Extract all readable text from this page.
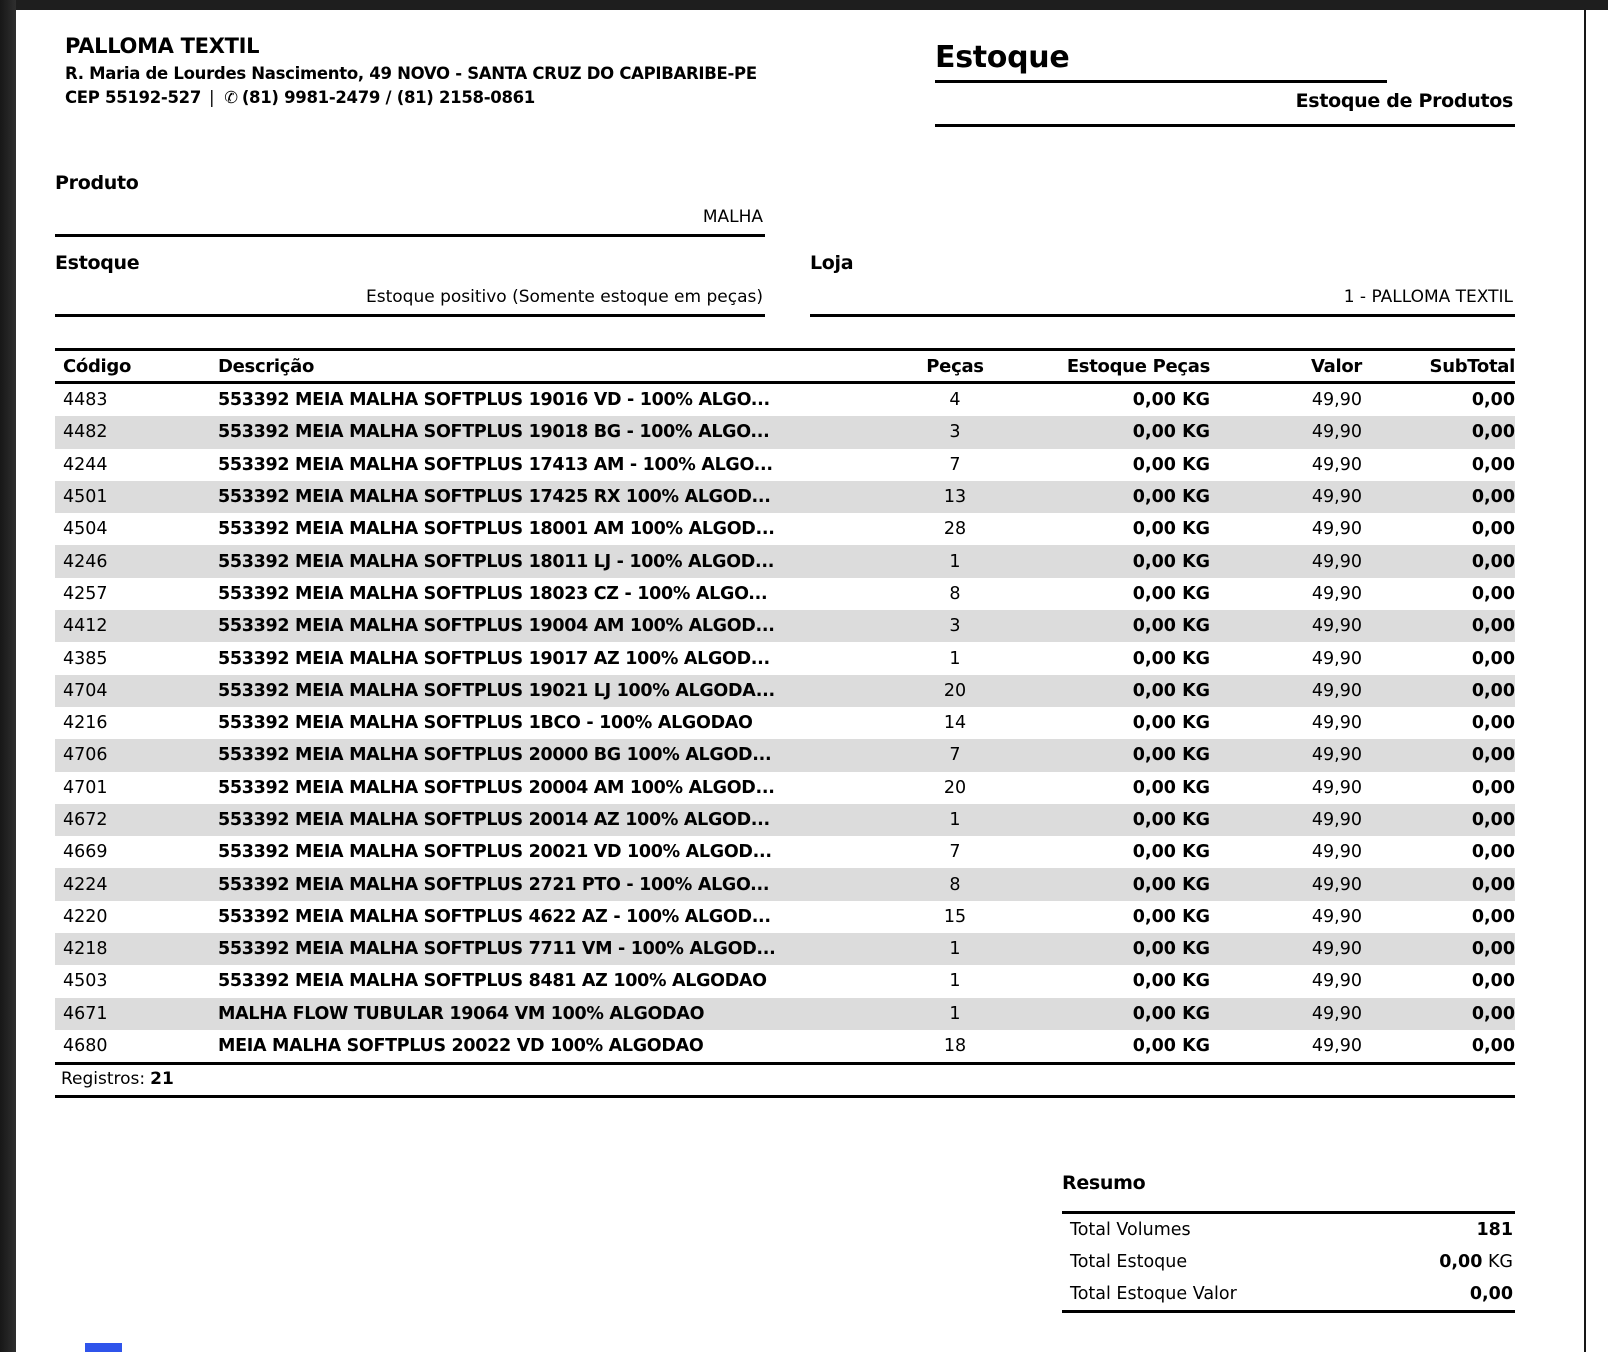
PALLOMA TEXTIL
R. Maria de Lourdes Nascimento, 49 NOVO - SANTA CRUZ DO CAPIBARIBE-PE
CEP 55192-527 | ✆ (81) 9981-2479 / (81) 2158-0861
Estoque
Estoque de Produtos
Produto
MALHA
Estoque
Estoque positivo (Somente estoque em peças)
Loja
1 - PALLOMA TEXTIL
Código	Descrição	Peças	Estoque Peças	Valor	SubTotal
4483	553392 MEIA MALHA SOFTPLUS 19016 VD - 100% ALGO...	4	0,00 KG	49,90	0,00
4482	553392 MEIA MALHA SOFTPLUS 19018 BG - 100% ALGO...	3	0,00 KG	49,90	0,00
4244	553392 MEIA MALHA SOFTPLUS 17413 AM - 100% ALGO...	7	0,00 KG	49,90	0,00
4501	553392 MEIA MALHA SOFTPLUS 17425 RX 100% ALGOD...	13	0,00 KG	49,90	0,00
4504	553392 MEIA MALHA SOFTPLUS 18001 AM 100% ALGOD...	28	0,00 KG	49,90	0,00
4246	553392 MEIA MALHA SOFTPLUS 18011 LJ - 100% ALGOD...	1	0,00 KG	49,90	0,00
4257	553392 MEIA MALHA SOFTPLUS 18023 CZ - 100% ALGO...	8	0,00 KG	49,90	0,00
4412	553392 MEIA MALHA SOFTPLUS 19004 AM 100% ALGOD...	3	0,00 KG	49,90	0,00
4385	553392 MEIA MALHA SOFTPLUS 19017 AZ 100% ALGOD...	1	0,00 KG	49,90	0,00
4704	553392 MEIA MALHA SOFTPLUS 19021 LJ 100% ALGODA...	20	0,00 KG	49,90	0,00
4216	553392 MEIA MALHA SOFTPLUS 1BCO - 100% ALGODAO	14	0,00 KG	49,90	0,00
4706	553392 MEIA MALHA SOFTPLUS 20000 BG 100% ALGOD...	7	0,00 KG	49,90	0,00
4701	553392 MEIA MALHA SOFTPLUS 20004 AM 100% ALGOD...	20	0,00 KG	49,90	0,00
4672	553392 MEIA MALHA SOFTPLUS 20014 AZ 100% ALGOD...	1	0,00 KG	49,90	0,00
4669	553392 MEIA MALHA SOFTPLUS 20021 VD 100% ALGOD...	7	0,00 KG	49,90	0,00
4224	553392 MEIA MALHA SOFTPLUS 2721 PTO - 100% ALGO...	8	0,00 KG	49,90	0,00
4220	553392 MEIA MALHA SOFTPLUS 4622 AZ - 100% ALGOD...	15	0,00 KG	49,90	0,00
4218	553392 MEIA MALHA SOFTPLUS 7711 VM - 100% ALGOD...	1	0,00 KG	49,90	0,00
4503	553392 MEIA MALHA SOFTPLUS 8481 AZ 100% ALGODAO	1	0,00 KG	49,90	0,00
4671	MALHA FLOW TUBULAR 19064 VM 100% ALGODAO	1	0,00 KG	49,90	0,00
4680	MEIA MALHA SOFTPLUS 20022 VD 100% ALGODAO	18	0,00 KG	49,90	0,00
Registros: 21
Resumo
Total Volumes	181
Total Estoque	0,00 KG
Total Estoque Valor	0,00
